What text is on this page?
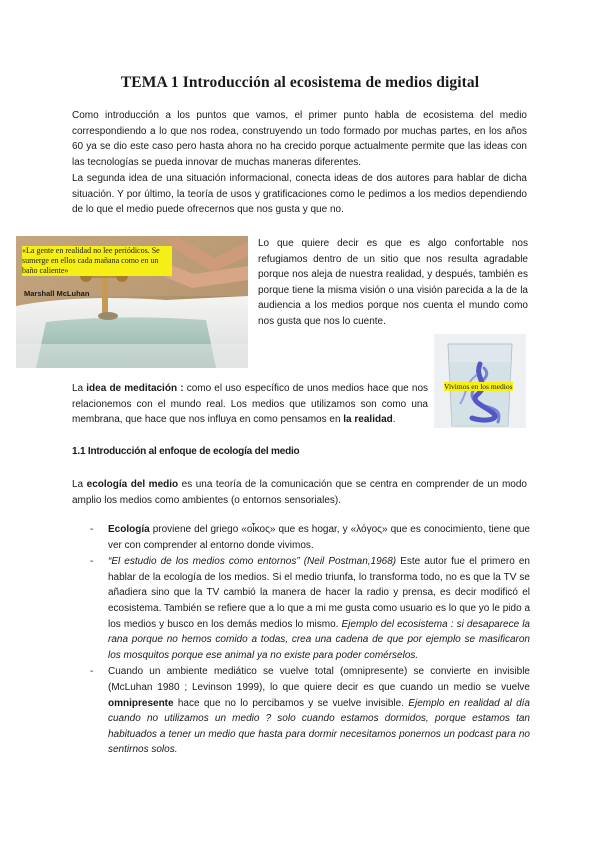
TEMA 1 Introducción al ecosistema de medios digital

Como introducción a los puntos que vamos, el primer punto habla de ecosistema del medio correspondiendo a lo que nos rodea, construyendo un todo formado por muchas partes, en los años 60 ya se dio este caso pero hasta ahora no ha crecido porque actualmente permite que las ideas con las tecnologías se pueda innovar de muchas maneras diferentes.

La segunda idea de una situación informacional, conecta ideas de dos autores para hablar de dicha situación. Y por último, la teoría de usos y gratificaciones como le pedimos a los medios dependiendo de lo que el medio puede ofrecernos que nos gusta y que no.

«La gente en realidad no lee periódicos. Se sumerge en ellos cada mañana como en un baño caliente»
Marshall McLuhan

Lo que quiere decir es que es algo confortable nos refugiamos dentro de un sitio que nos resulta agradable porque nos aleja de nuestra realidad, y después, también es porque tiene la misma visión o una visión parecida a la de la audiencia a los medios porque nos cuenta el mundo como nos gusta que nos lo cuente.

Vivimos en los medios

La idea de meditación : como el uso específico de unos medios hace que nos relacionemos con el mundo real. Los medios que utilizamos son como una membrana, que hace que nos influya en como pensamos en la realidad.

1.1 Introducción al enfoque de ecología del medio

La ecología del medio es una teoría de la comunicación que se centra en comprender de un modo amplio los medios como ambientes (o entornos sensoriales).

-	Ecología proviene del griego «οἶκος» que es hogar, y «λόγος» que es conocimiento, tiene que ver con comprender al entorno donde vivimos.
-	“El estudio de los medios como entornos” (Neil Postman,1968) Este autor fue el primero en hablar de la ecología de los medios. Si el medio triunfa, lo transforma todo, no es que la TV se añadiera sino que la TV cambió la manera de hacer la radio y prensa, es decir modificó el ecosistema. También se refiere que a lo que a mi me gusta como usuario es lo que yo le pido a los medios y busco en los demás medios lo mismo. Ejemplo del ecosistema : si desaparece la rana porque no hemos comido a todas, crea una cadena de que por ejemplo se masificaron los mosquitos porque ese animal ya no existe para poder comérselos.
-	Cuando un ambiente mediático se vuelve total (omnipresente) se convierte en invisible (McLuhan 1980 ; Levinson 1999), lo que quiere decir es que cuando un medio se vuelve omnipresente hace que no lo percibamos y se vuelve invisible. Ejemplo en realidad al día cuando no utilizamos un medio ? solo cuando estamos dormidos, porque estamos tan habituados a tener un medio que hasta para dormir necesitamos ponernos un podcast para no sentirnos solos.
